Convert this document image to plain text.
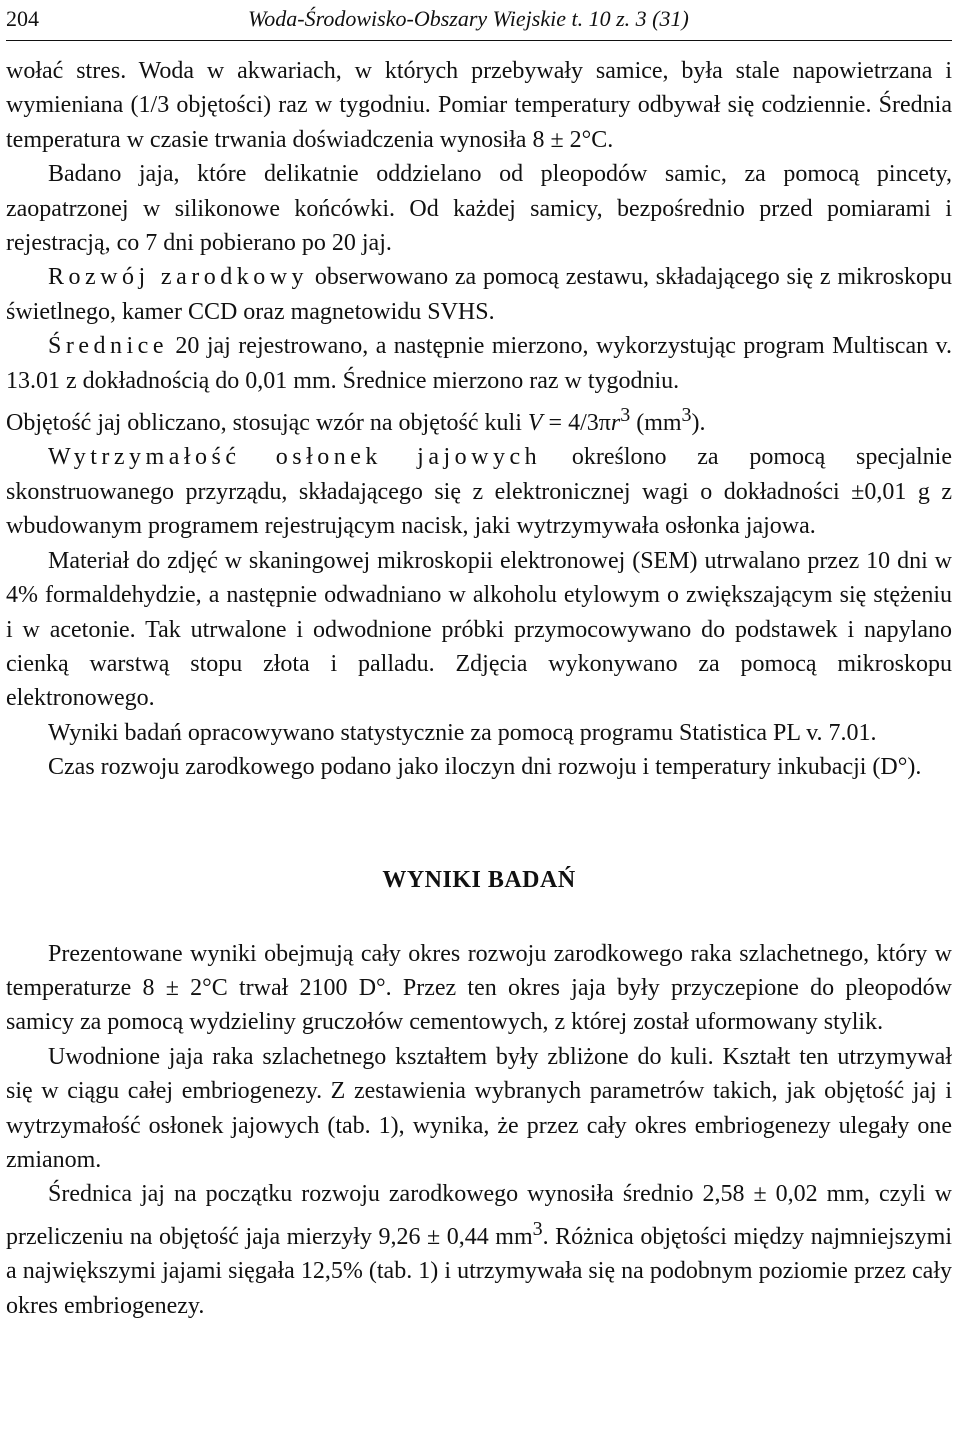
204	Woda-Środowisko-Obszary Wiejskie t. 10 z. 3 (31)

wołać stres. Woda w akwariach, w których przebywały samice, była stale napowietrzana i wymieniana (1/3 objętości) raz w tygodniu. Pomiar temperatury odbywał się codziennie. Średnia temperatura w czasie trwania doświadczenia wynosiła 8 ± 2°C.

Badano jaja, które delikatnie oddzielano od pleopodów samic, za pomocą pincety, zaopatrzonej w silikonowe końcówki. Od każdej samicy, bezpośrednio przed pomiarami i rejestracją, co 7 dni pobierano po 20 jaj.

Rozwój zarodkowy obserwowano za pomocą zestawu, składającego się z mikroskopu świetlnego, kamer CCD oraz magnetowidu SVHS.

Średnice 20 jaj rejestrowano, a następnie mierzono, wykorzystując program Multiscan v. 13.01 z dokładnością do 0,01 mm. Średnice mierzono raz w tygodniu.
Objętość jaj obliczano, stosując wzór na objętość kuli $V = 4/3\pi r^3$ $(mm^3)$.

Wytrzymałość osłonek jajowych określono za pomocą specjalnie skonstruowanego przyrządu, składającego się z elektronicznej wagi o dokładności ±0,01 g z wbudowanym programem rejestrującym nacisk, jaki wytrzymywała osłonka jajowa.

Materiał do zdjęć w skaningowej mikroskopii elektronowej (SEM) utrwalano przez 10 dni w 4% formaldehydzie, a następnie odwadniano w alkoholu etylowym o zwiększającym się stężeniu i w acetonie. Tak utrwalone i odwodnione próbki przymocowywano do podstawek i napylano cienką warstwą stopu złota i palladu. Zdjęcia wykonywano za pomocą mikroskopu elektronowego.

Wyniki badań opracowywano statystycznie za pomocą programu Statistica PL v. 7.01.

Czas rozwoju zarodkowego podano jako iloczyn dni rozwoju i temperatury inkubacji (D°).

WYNIKI BADAŃ

Prezentowane wyniki obejmują cały okres rozwoju zarodkowego raka szlachetnego, który w temperaturze 8 ± 2°C trwał 2100 D°. Przez ten okres jaja były przyczepione do pleopodów samicy za pomocą wydzieliny gruczołów cementowych, z której został uformowany stylik.

Uwodnione jaja raka szlachetnego kształtem były zbliżone do kuli. Kształt ten utrzymywał się w ciągu całej embriogenezy. Z zestawienia wybranych parametrów takich, jak objętość jaj i wytrzymałość osłonek jajowych (tab. 1), wynika, że przez cały okres embriogenezy ulegały one zmianom.

Średnica jaj na początku rozwoju zarodkowego wynosiła średnio 2,58 ± 0,02 mm, czyli w przeliczeniu na objętość jaja mierzyły 9,26 ± 0,44 $mm^3$. Różnica objętości między najmniejszymi a największymi jajami sięgała 12,5% (tab. 1) i utrzymywała się na podobnym poziomie przez cały okres embriogenezy.
